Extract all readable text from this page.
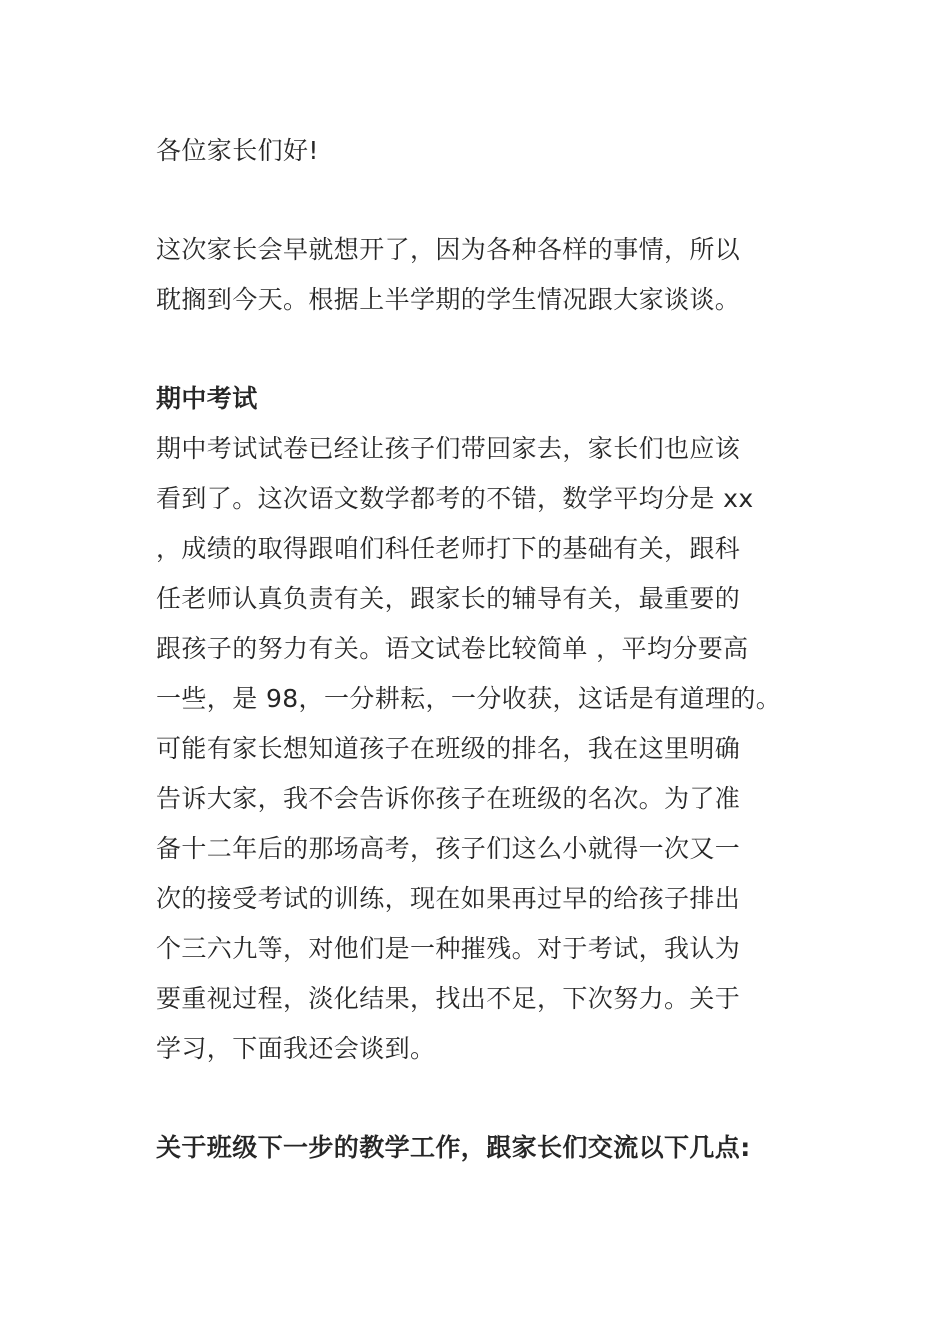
各位家长们好!
这次家长会早就想开了，因为各种各样的事情，所以
耽搁到今天。根据上半学期的学生情况跟大家谈谈。
期中考试
期中考试试卷已经让孩子们带回家去，家长们也应该
看到了。这次语文数学都考的不错，数学平均分是 xx
，成绩的取得跟咱们科任老师打下的基础有关，跟科
任老师认真负责有关，跟家长的辅导有关，最重要的
跟孩子的努力有关。语文试卷比较简单 ，平均分要高
一些，是 98，一分耕耘，一分收获，这话是有道理的。
可能有家长想知道孩子在班级的排名，我在这里明确
告诉大家，我不会告诉你孩子在班级的名次。为了准
备十二年后的那场高考，孩子们这么小就得一次又一
次的接受考试的训练，现在如果再过早的给孩子排出
个三六九等，对他们是一种摧残。对于考试，我认为
要重视过程，淡化结果，找出不足，下次努力。关于
学习，下面我还会谈到。
关于班级下一步的教学工作，跟家长们交流以下几点:
